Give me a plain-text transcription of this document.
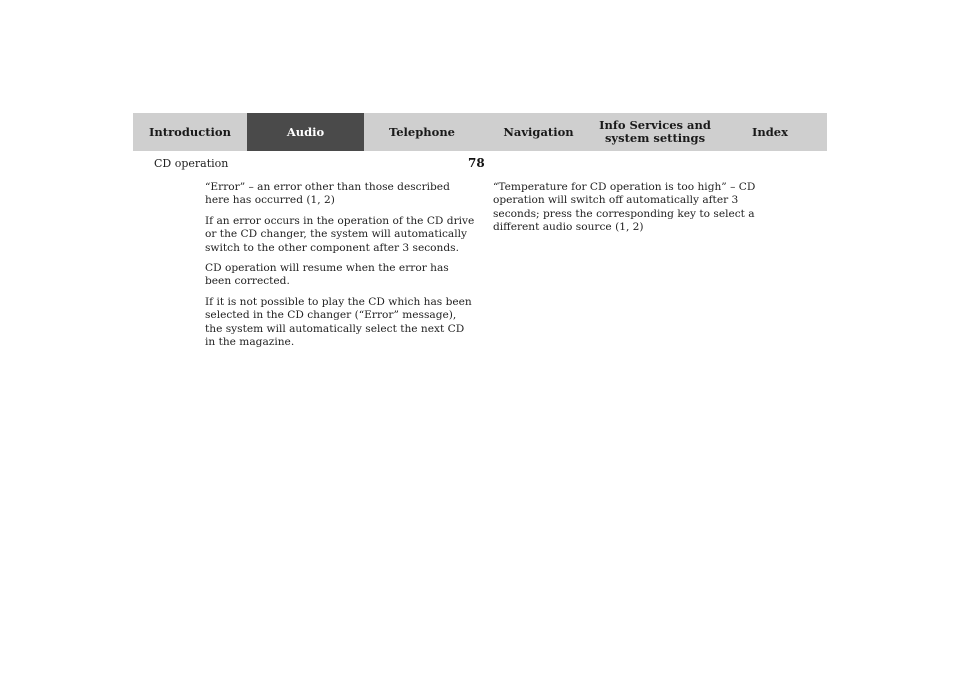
Introduction	Audio	Telephone	Navigation Info Services and
system settings	Index
CD operation	78

“Error” – an error other than those described here has occurred (1, 2)

If an error occurs in the operation of the CD drive or the CD changer, the system will automatically switch to the other component after 3 seconds.

CD operation will resume when the error has been corrected.

If it is not possible to play the CD which has been selected in the CD changer (“Error” message), the system will automatically select the next CD in the magazine.

“Temperature for CD operation is too high” – CD operation will switch off automatically after 3 seconds; press the corresponding key to select a different audio source (1, 2)
